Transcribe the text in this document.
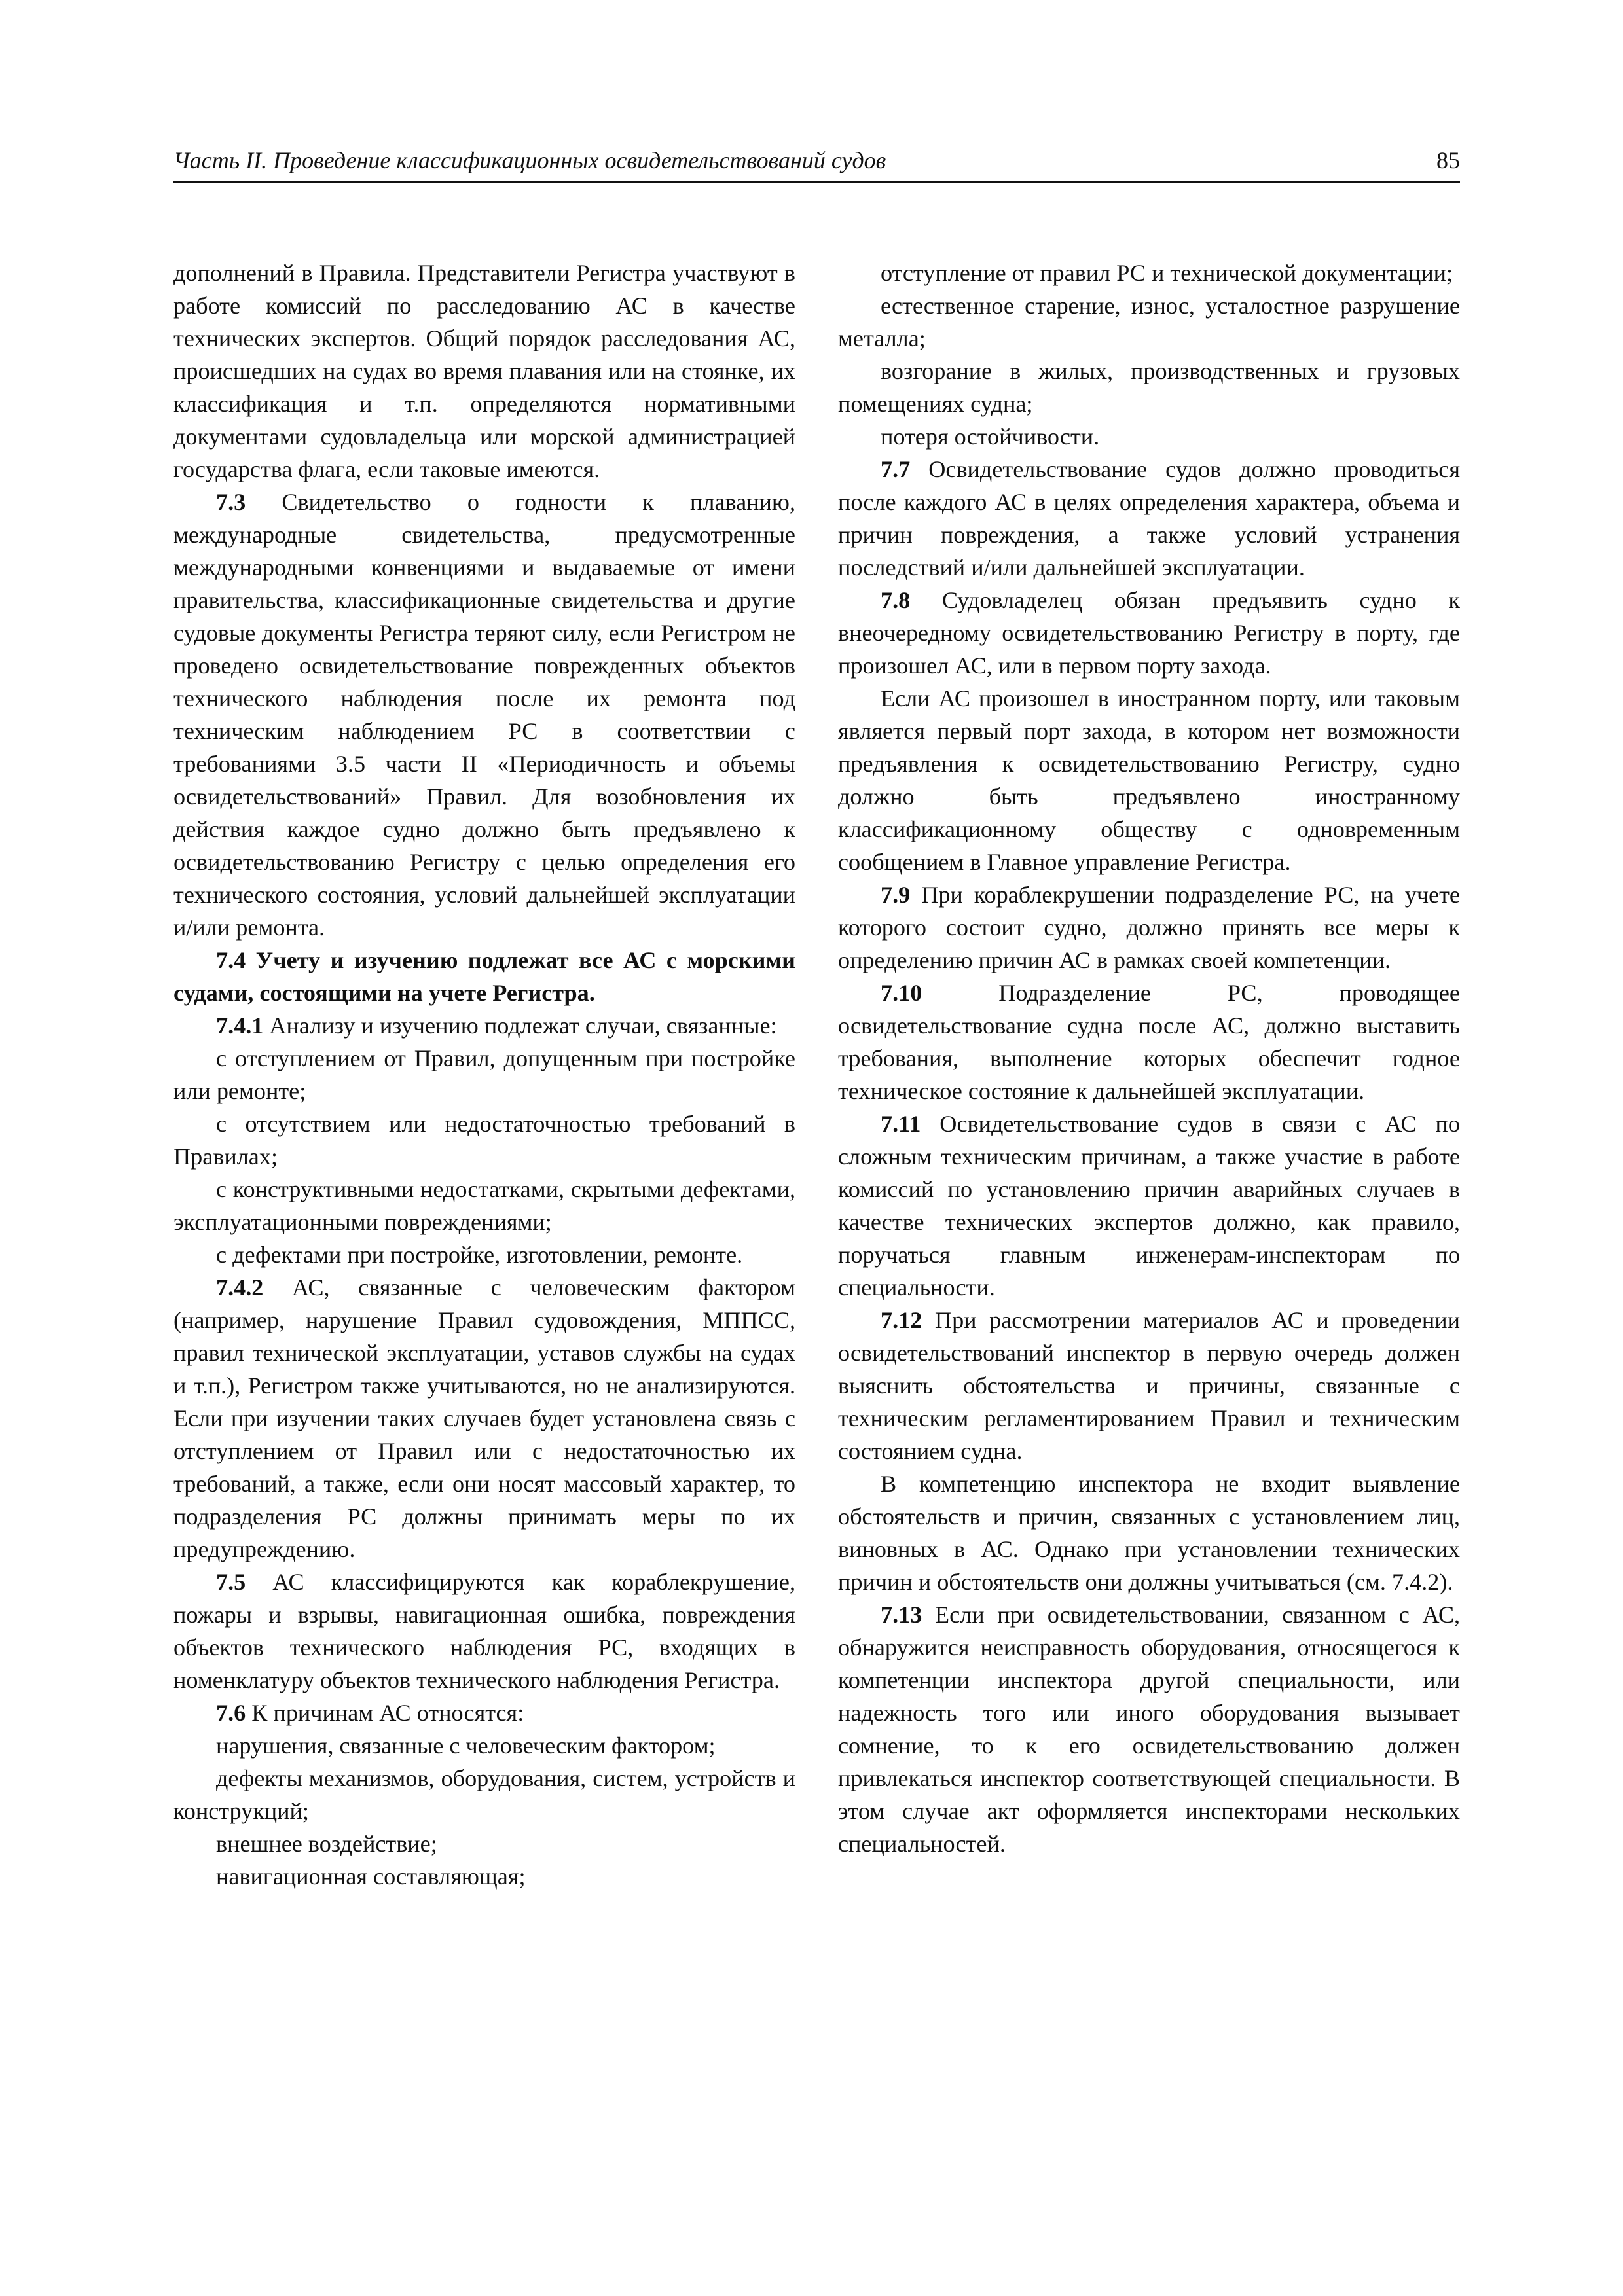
Часть II. Проведение классификационных освидетельствований судов	85

дополнений в Правила. Представители Регистра участвуют в работе комиссий по расследованию АС в качестве технических экспертов. Общий порядок расследования АС, происшедших на судах во время плавания или на стоянке, их классификация и т.п. определяются нормативными документами судовладельца или морской администрацией государства флага, если таковые имеются.

7.3 Свидетельство о годности к плаванию, международные свидетельства, предусмотренные международными конвенциями и выдаваемые от имени правительства, классификационные свидетельства и другие судовые документы Регистра теряют силу, если Регистром не проведено освидетельствование поврежденных объектов технического наблюдения после их ремонта под техническим наблюдением РС в соответствии с требованиями 3.5 части II «Периодичность и объемы освидетельствований» Правил. Для возобновления их действия каждое судно должно быть предъявлено к освидетельствованию Регистру с целью определения его технического состояния, условий дальнейшей эксплуатации и/или ремонта.

7.4 Учету и изучению подлежат все АС с морскими судами, состоящими на учете Регистра.

7.4.1 Анализу и изучению подлежат случаи, связанные:

с отступлением от Правил, допущенным при постройке или ремонте;

с отсутствием или недостаточностью требований в Правилах;

с конструктивными недостатками, скрытыми дефектами, эксплуатационными повреждениями;

с дефектами при постройке, изготовлении, ремонте.

7.4.2 АС, связанные с человеческим фактором (например, нарушение Правил судовождения, МППСС, правил технической эксплуатации, уставов службы на судах и т.п.), Регистром также учитываются, но не анализируются. Если при изучении таких случаев будет установлена связь с отступлением от Правил или с недостаточностью их требований, а также, если они носят массовый характер, то подразделения РС должны принимать меры по их предупреждению.

7.5 АС классифицируются как кораблекрушение, пожары и взрывы, навигационная ошибка, повреждения объектов технического наблюдения РС, входящих в номенклатуру объектов технического наблюдения Регистра.

7.6 К причинам АС относятся:

нарушения, связанные с человеческим фактором;

дефекты механизмов, оборудования, систем, устройств и конструкций;

внешнее воздействие;

навигационная составляющая;

отступление от правил РС и технической документации;

естественное старение, износ, усталостное разрушение металла;

возгорание в жилых, производственных и грузовых помещениях судна;

потеря остойчивости.

7.7 Освидетельствование судов должно проводиться после каждого АС в целях определения характера, объема и причин повреждения, а также условий устранения последствий и/или дальнейшей эксплуатации.

7.8 Судовладелец обязан предъявить судно к внеочередному освидетельствованию Регистру в порту, где произошел АС, или в первом порту захода.

Если АС произошел в иностранном порту, или таковым является первый порт захода, в котором нет возможности предъявления к освидетельствованию Регистру, судно должно быть предъявлено иностранному классификационному обществу с одновременным сообщением в Главное управление Регистра.

7.9 При кораблекрушении подразделение РС, на учете которого состоит судно, должно принять все меры к определению причин АС в рамках своей компетенции.

7.10 Подразделение РС, проводящее освидетельствование судна после АС, должно выставить требования, выполнение которых обеспечит годное техническое состояние к дальнейшей эксплуатации.

7.11 Освидетельствование судов в связи с АС по сложным техническим причинам, а также участие в работе комиссий по установлению причин аварийных случаев в качестве технических экспертов должно, как правило, поручаться главным инженерам-инспекторам по специальности.

7.12 При рассмотрении материалов АС и проведении освидетельствований инспектор в первую очередь должен выяснить обстоятельства и причины, связанные с техническим регламентированием Правил и техническим состоянием судна.

В компетенцию инспектора не входит выявление обстоятельств и причин, связанных с установлением лиц, виновных в АС. Однако при установлении технических причин и обстоятельств они должны учитываться (см. 7.4.2).

7.13 Если при освидетельствовании, связанном с АС, обнаружится неисправность оборудования, относящегося к компетенции инспектора другой специальности, или надежность того или иного оборудования вызывает сомнение, то к его освидетельствованию должен привлекаться инспектор соответствующей специальности. В этом случае акт оформляется инспекторами нескольких специальностей.
